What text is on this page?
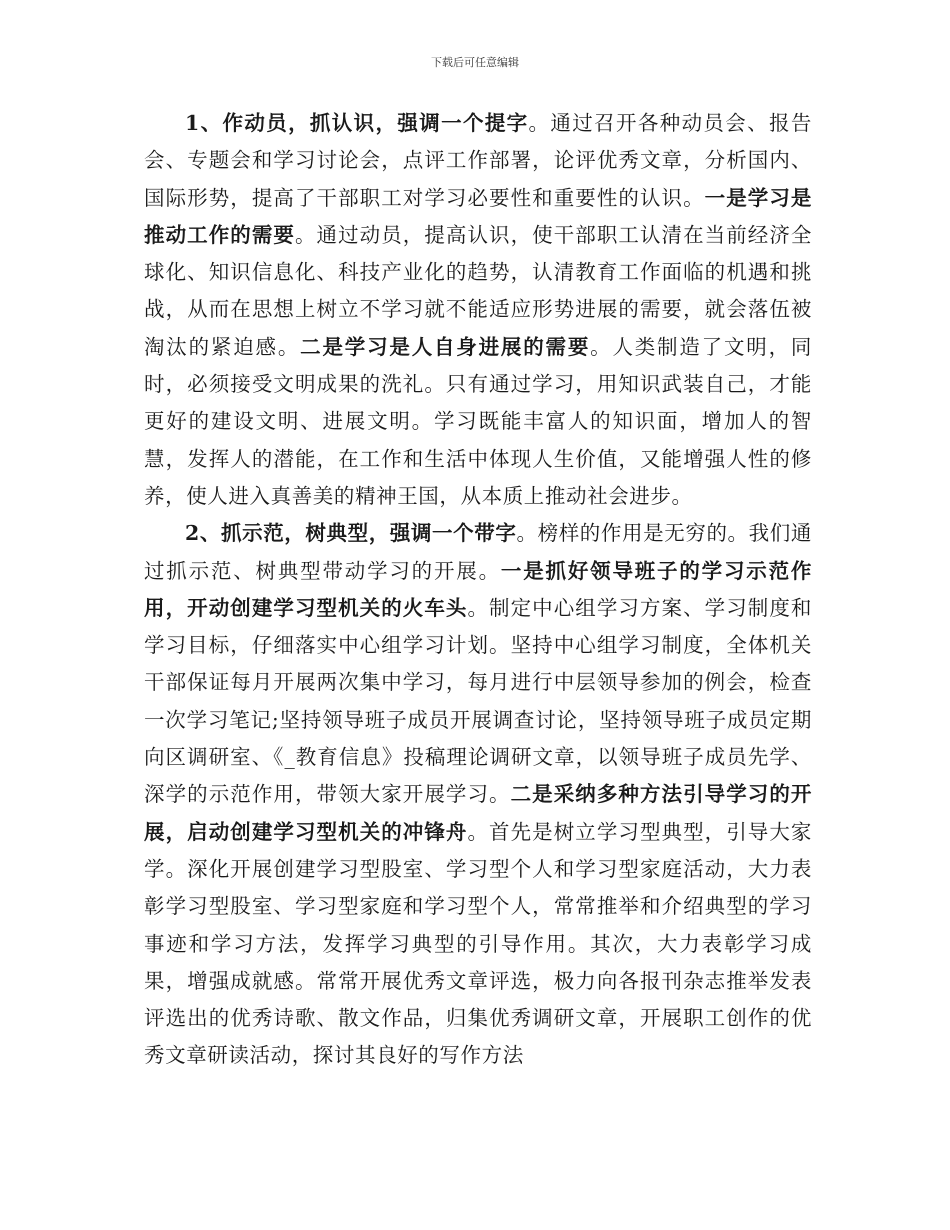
下载后可任意编辑

1、作动员，抓认识，强调一个提字。通过召开各种动员会、报告会、专题会和学习讨论会，点评工作部署，论评优秀文章，分析国内、国际形势，提高了干部职工对学习必要性和重要性的认识。一是学习是推动工作的需要。通过动员，提高认识，使干部职工认清在当前经济全球化、知识信息化、科技产业化的趋势，认清教育工作面临的机遇和挑战，从而在思想上树立不学习就不能适应形势进展的需要，就会落伍被淘汰的紧迫感。二是学习是人自身进展的需要。人类制造了文明，同时，必须接受文明成果的洗礼。只有通过学习，用知识武装自己，才能更好的建设文明、进展文明。学习既能丰富人的知识面，增加人的智慧，发挥人的潜能，在工作和生活中体现人生价值，又能增强人性的修养，使人进入真善美的精神王国，从本质上推动社会进步。

2、抓示范，树典型，强调一个带字。榜样的作用是无穷的。我们通过抓示范、树典型带动学习的开展。一是抓好领导班子的学习示范作用，开动创建学习型机关的火车头。制定中心组学习方案、学习制度和学习目标，仔细落实中心组学习计划。坚持中心组学习制度，全体机关干部保证每月开展两次集中学习，每月进行中层领导参加的例会，检查一次学习笔记;坚持领导班子成员开展调查讨论，坚持领导班子成员定期向区调研室、《_教育信息》投稿理论调研文章，以领导班子成员先学、深学的示范作用，带领大家开展学习。二是采纳多种方法引导学习的开展，启动创建学习型机关的冲锋舟。首先是树立学习型典型，引导大家学。深化开展创建学习型股室、学习型个人和学习型家庭活动，大力表彰学习型股室、学习型家庭和学习型个人，常常推举和介绍典型的学习事迹和学习方法，发挥学习典型的引导作用。其次，大力表彰学习成果，增强成就感。常常开展优秀文章评选，极力向各报刊杂志推举发表评选出的优秀诗歌、散文作品，归集优秀调研文章，开展职工创作的优秀文章研读活动，探讨其良好的写作方法
